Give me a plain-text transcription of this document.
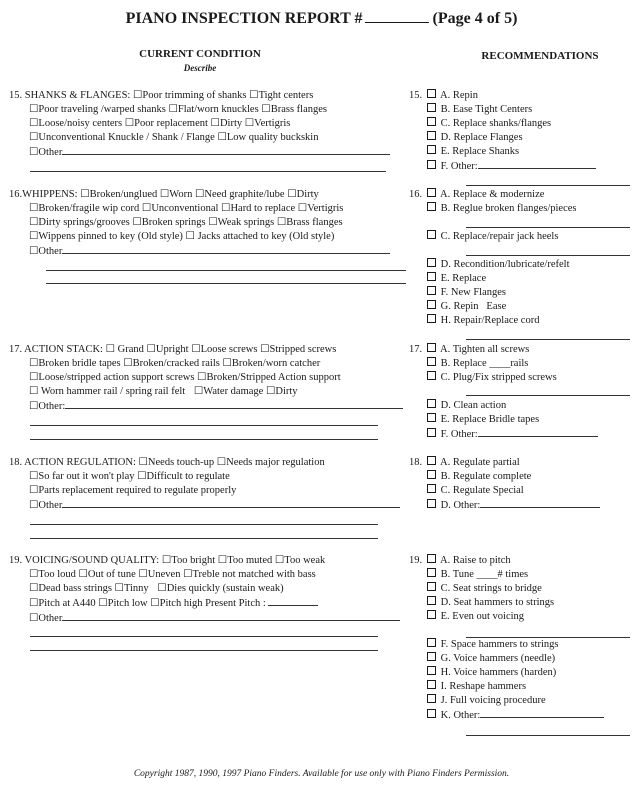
PIANO INSPECTION REPORT #	(Page 4 of 5)
CURRENT CONDITION
Describe
RECOMMENDATIONS
15. SHANKS & FLANGES: ☐Poor trimming of shanks ☐Tight centers
☐Poor traveling /warped shanks ☐Flat/worn knuckles ☐Brass flanges
☐Loose/noisy centers ☐Poor replacement ☐Dirty ☐Vertigris
☐Unconventional Knuckle / Shank / Flange ☐Low quality buckskin
☐Other
15. A. Repin
B. Ease Tight Centers
C. Replace shanks/flanges
D. Replace Flanges
E. Replace Shanks
F. Other:
16.WHIPPENS: ☐Broken/unglued ☐Worn ☐Need graphite/lube ☐Dirty
☐Broken/fragile wip cord ☐Unconventional ☐Hard to replace ☐Vertigris
☐Dirty springs/grooves ☐Broken springs ☐Weak springs ☐Brass flanges
☐Wippens pinned to key (Old style) ☐ Jacks attached to key (Old style)
☐Other
16. A. Replace & modernize
B. Reglue broken flanges/pieces
C. Replace/repair jack heels
D. Recondition/lubricate/refelt
E. Replace
F. New Flanges
G. Repin   Ease
H. Repair/Replace cord
17. ACTION STACK: ☐ Grand ☐Upright ☐Loose screws ☐Stripped screws
☐Broken bridle tapes ☐Broken/cracked rails ☐Broken/worn catcher
☐Loose/stripped action support screws ☐Broken/Stripped Action support
☐ Worn hammer rail / spring rail felt ☐Water damage ☐Dirty
☐Other:
17. A. Tighten all screws
B. Replace ____rails
C. Plug/Fix stripped screws
D. Clean action
E. Replace Bridle tapes
F. Other:
18. ACTION REGULATION: ☐Needs touch-up ☐Needs major regulation
☐So far out it won't play ☐Difficult to regulate
☐Parts replacement required to regulate properly
☐Other
18. A. Regulate partial
B. Regulate complete
C. Regulate Special
D. Other:
19. VOICING/SOUND QUALITY: ☐Too bright ☐Too muted ☐Too weak
☐Too loud ☐Out of tune ☐Uneven ☐Treble not matched with bass
☐Dead bass strings ☐Tinny ☐Dies quickly (sustain weak)
☐Pitch at A440 ☐Pitch low ☐Pitch high Present Pitch :
☐Other
19. A. Raise to pitch
B. Tune ____# times
C. Seat strings to bridge
D. Seat hammers to strings
E. Even out voicing
F. Space hammers to strings
G. Voice hammers (needle)
H. Voice hammers (harden)
I. Reshape hammers
J. Full voicing procedure
K. Other:
Copyright 1987, 1990, 1997 Piano Finders. Available for use only with Piano Finders Permission.
